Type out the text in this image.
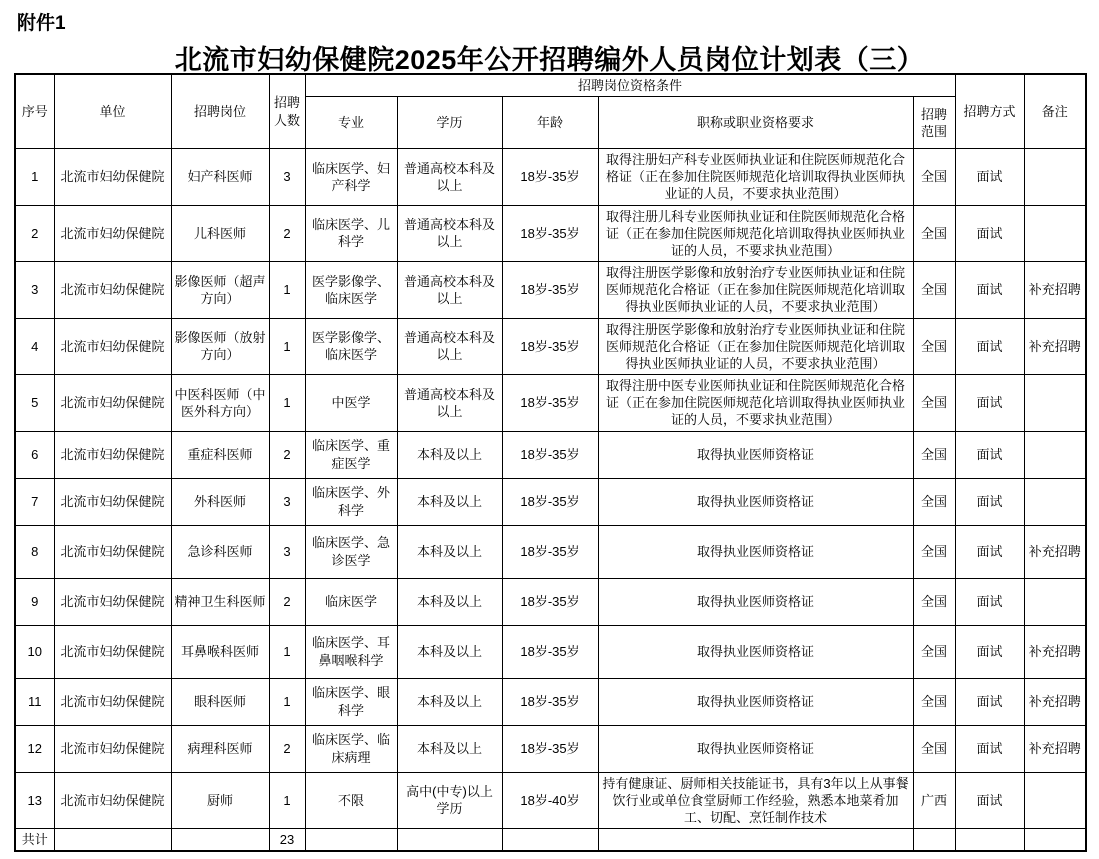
附件1
北流市妇幼保健院2025年公开招聘编外人员岗位计划表（三）
序号	单位	招聘岗位	招聘人数	招聘岗位资格条件					招聘方式	备注
				专业	学历	年龄	职称或职业资格要求	招聘范围		
1	北流市妇幼保健院	妇产科医师	3	临床医学、妇产科学	普通高校本科及以上	18岁-35岁	取得注册妇产科专业医师执业证和住院医师规范化合格证（正在参加住院医师规范化培训取得执业医师执业证的人员，不要求执业范围）	全国	面试	
2	北流市妇幼保健院	儿科医师	2	临床医学、儿科学	普通高校本科及以上	18岁-35岁	取得注册儿科专业医师执业证和住院医师规范化合格证（正在参加住院医师规范化培训取得执业医师执业证的人员，不要求执业范围）	全国	面试	
3	北流市妇幼保健院	影像医师（超声方向）	1	医学影像学、临床医学	普通高校本科及以上	18岁-35岁	取得注册医学影像和放射治疗专业医师执业证和住院医师规范化合格证（正在参加住院医师规范化培训取得执业医师执业证的人员，不要求执业范围）	全国	面试	补充招聘
4	北流市妇幼保健院	影像医师（放射方向）	1	医学影像学、临床医学	普通高校本科及以上	18岁-35岁	取得注册医学影像和放射治疗专业医师执业证和住院医师规范化合格证（正在参加住院医师规范化培训取得执业医师执业证的人员，不要求执业范围）	全国	面试	补充招聘
5	北流市妇幼保健院	中医科医师（中医外科方向）	1	中医学	普通高校本科及以上	18岁-35岁	取得注册中医专业医师执业证和住院医师规范化合格证（正在参加住院医师规范化培训取得执业医师执业证的人员，不要求执业范围）	全国	面试	
6	北流市妇幼保健院	重症科医师	2	临床医学、重症医学	本科及以上	18岁-35岁	取得执业医师资格证	全国	面试	
7	北流市妇幼保健院	外科医师	3	临床医学、外科学	本科及以上	18岁-35岁	取得执业医师资格证	全国	面试	
8	北流市妇幼保健院	急诊科医师	3	临床医学、急诊医学	本科及以上	18岁-35岁	取得执业医师资格证	全国	面试	补充招聘
9	北流市妇幼保健院	精神卫生科医师	2	临床医学	本科及以上	18岁-35岁	取得执业医师资格证	全国	面试	
10	北流市妇幼保健院	耳鼻喉科医师	1	临床医学、耳鼻咽喉科学	本科及以上	18岁-35岁	取得执业医师资格证	全国	面试	补充招聘
11	北流市妇幼保健院	眼科医师	1	临床医学、眼科学	本科及以上	18岁-35岁	取得执业医师资格证	全国	面试	补充招聘
12	北流市妇幼保健院	病理科医师	2	临床医学、临床病理	本科及以上	18岁-35岁	取得执业医师资格证	全国	面试	补充招聘
13	北流市妇幼保健院	厨师	1	不限	高中(中专)以上学历	18岁-40岁	持有健康证、厨师相关技能证书，具有3年以上从事餐饮行业或单位食堂厨师工作经验，熟悉本地菜肴加工、切配、烹饪制作技术	广西	面试	
共计			23							
